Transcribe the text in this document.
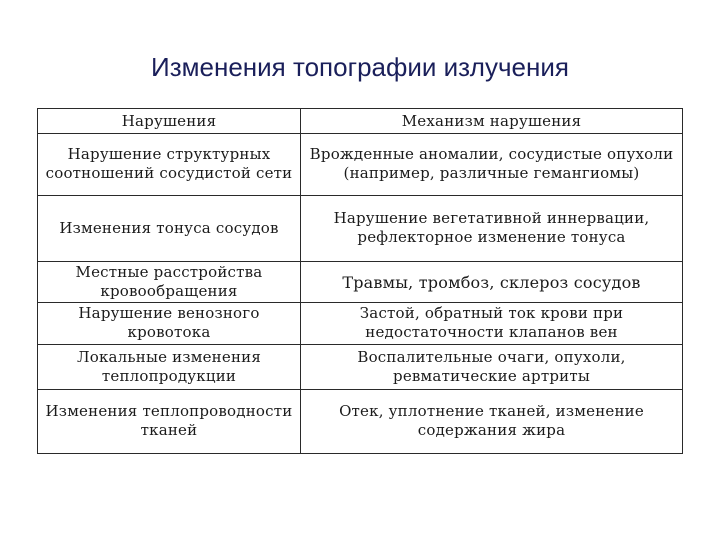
Изменения топографии излучения
Нарушения	Механизм нарушения
Нарушение структурных соотношений сосудистой сети	Врожденные аномалии, сосудистые опухоли (например, различные гемангиомы)
Изменения тонуса сосудов	Нарушение вегетативной иннервации, рефлекторное изменение тонуса
Местные расстройства кровообращения	Травмы, тромбоз, склероз сосудов
Нарушение венозного кровотока	Застой, обратный ток крови при недостаточности клапанов вен
Локальные изменения теплопродукции	Воспалительные очаги, опухоли, ревматические артриты
Изменения теплопроводности тканей	Отек, уплотнение тканей, изменение содержания жира
